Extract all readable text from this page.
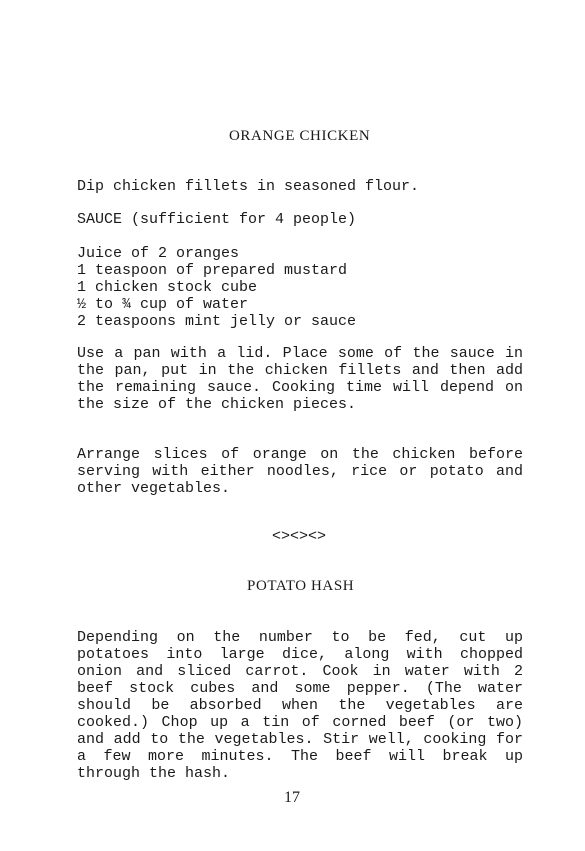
ORANGE CHICKEN
Dip chicken fillets in seasoned flour.
SAUCE (sufficient for 4 people)
Juice of 2 oranges
1 teaspoon of prepared mustard
1 chicken stock cube
½ to ¾ cup of water
2 teaspoons mint jelly or sauce

Use a pan with a lid. Place some of the sauce in the pan, put in the chicken fillets and then add the remaining sauce. Cooking time will depend on the size of the chicken pieces.

Arrange slices of orange on the chicken before serving with either noodles, rice or potato and other vegetables.

<><><>
POTATO HASH

Depending on the number to be fed, cut up potatoes into large dice, along with chopped onion and sliced carrot. Cook in water with 2 beef stock cubes and some pepper. (The water should be absorbed when the vegetables are cooked.) Chop up a tin of corned beef (or two) and add to the vegetables. Stir well, cooking for a few more minutes. The beef will break up through the hash.

17
